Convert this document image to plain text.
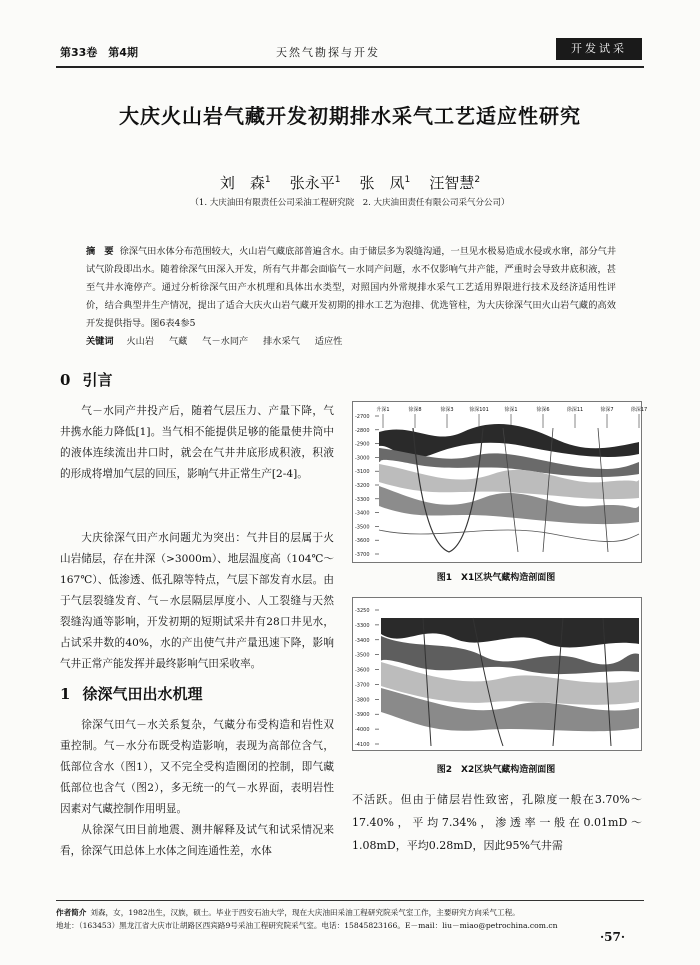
第33卷　第4期	天然气勘探与开发	开发试采
大庆火山岩气藏开发初期排水采气工艺适应性研究
刘　森$^1$ 张永平$^1$ 张　凤$^1$ 汪智慧$^2$
（1. 大庆油田有限责任公司采油工程研究院　2. 大庆油田责任有限公司采气分公司）
摘　要 徐深气田水体分布范围较大，火山岩气藏底部普遍含水。由于储层多为裂缝沟通，一旦见水极易造成水侵或水窜，部分气井试气阶段即出水。随着徐深气田深入开发，所有气井都会面临气－水同产问题，水不仅影响气井产能，严重时会导致井底积液，甚至气井水淹停产。通过分析徐深气田产水机理和具体出水类型，对照国内外常规排水采气工艺适用界限进行技术及经济适用性评价，结合典型井生产情况，提出了适合大庆火山岩气藏开发初期的排水工艺为泡排、优选管柱，为大庆徐深气田火山岩气藏的高效开发提供指导。图6表4参5
关键词 火山岩 气藏 气－水同产 排水采气 适应性
0 引言
气－水同产井投产后，随着气层压力、产量下降，气井携水能力降低[1]。当气相不能提供足够的能量使井筒中的液体连续流出井口时，就会在气井井底形成积液，积液的形成将增加气层的回压，影响气井正常生产[2-4]。
大庆徐深气田产水问题尤为突出：气井目的层属于火山岩储层，存在井深（>3000m）、地层温度高（104℃～167℃）、低渗透、低孔隙等特点，气层下部发育水层。由于气层裂缝发育、气－水层隔层厚度小、人工裂缝与天然裂缝沟通等影响，开发初期的短期试采井有28口井见水，占试采井数的40%，水的产出使气井产量迅速下降，影响气井正常产能发挥并最终影响气田采收率。
1 徐深气田出水机理
徐深气田气－水关系复杂，气藏分布受构造和岩性双重控制。气－水分布既受构造影响，表现为高部位含气，低部位含水（图1），又不完全受构造圈闭的控制，即气藏低部位也含气（图2），多无统一的气－水界面，表明岩性因素对气藏控制作用明显。
从徐深气田目前地震、测井解释及试气和试采情况来看，徐深气田总体上水体之间连通性差，水体
-2700
-2800
-2900
-3000
-3100
-3200
-3300
-3400
-3500
-3600
-3700
升深1	徐深8	徐深3	徐深101	徐深1	徐深6	徐深11	徐深7	徐深17
图1　X1区块气藏构造剖面图
-3250
-3300
-3400
-3500
-3600
-3700
-3800
-3900
-4000
-4100
图2　X2区块气藏构造剖面图
不活跃。但由于储层岩性致密，孔隙度一般在3.70%～17.40%，平均7.34%，渗透率一般在0.01mD～1.08mD，平均0.28mD，因此95%气井需
作者简介 刘森，女，1982出生，汉族，硕士。毕业于西安石油大学，现在大庆油田采油工程研究院采气室工作，主要研究方向采气工程。
地址：（163453）黑龙江省大庆市让胡路区西宾路9号采油工程研究院采气室。电话：15845823166。E－mail：liu－miao@petrochina.com.cn
·57·
